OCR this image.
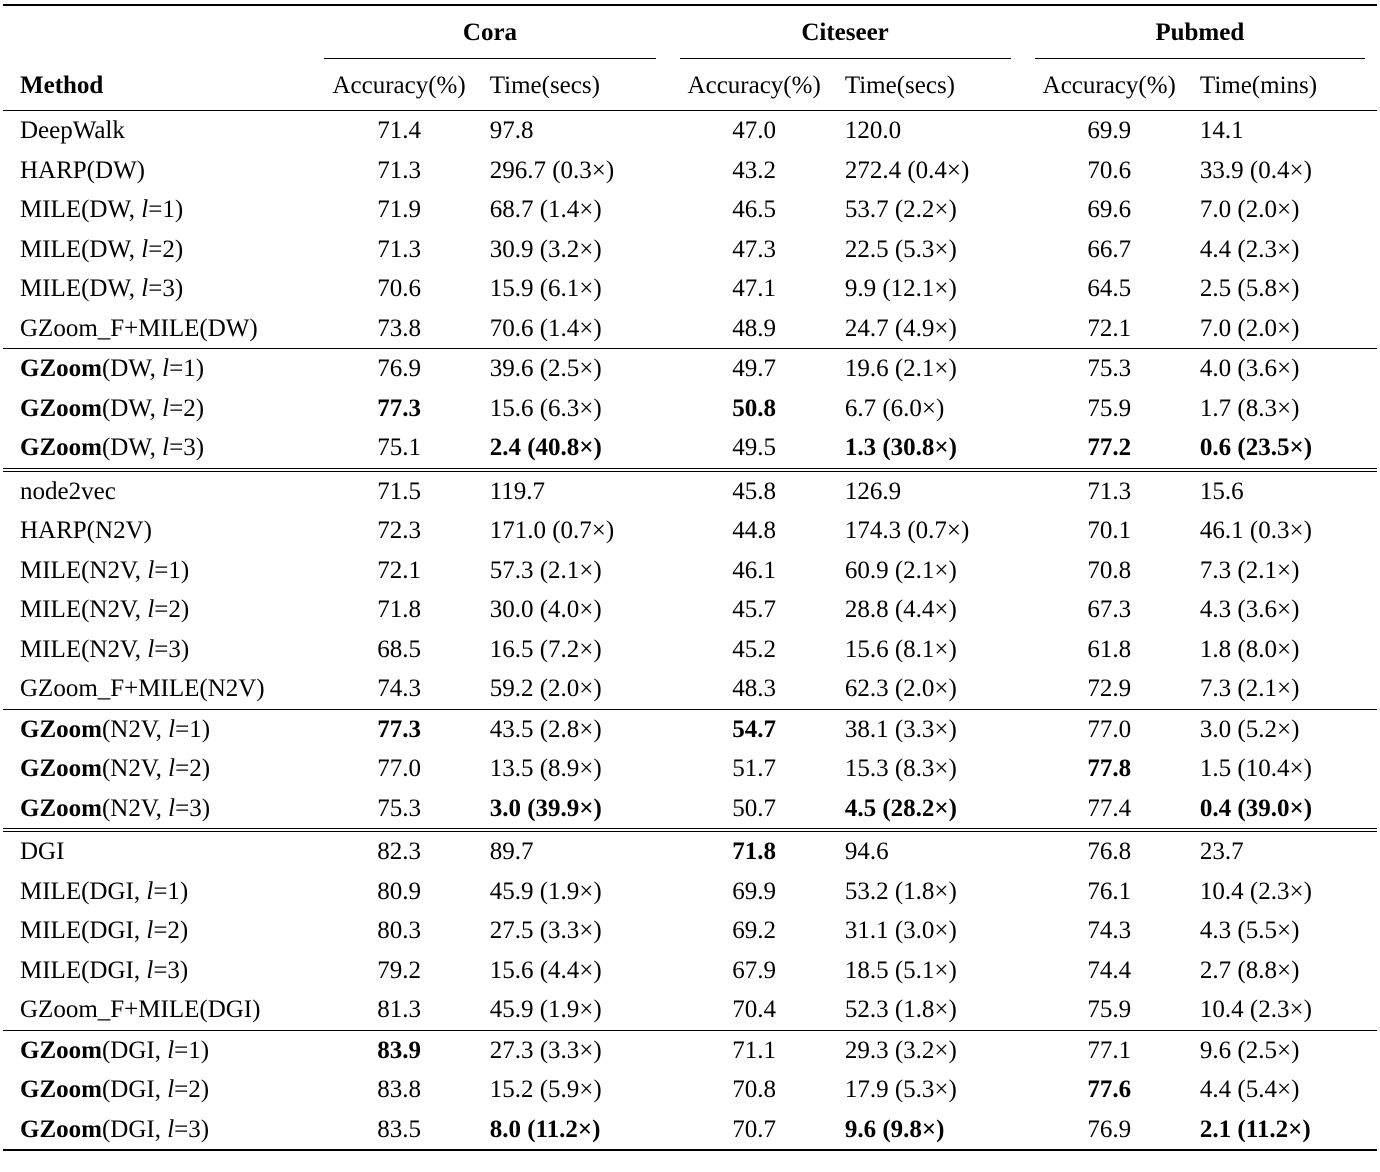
	Cora		Citeseer		Pubmed	

Method	Accuracy(%)	Time(secs)	Accuracy(%)	Time(secs)	Accuracy(%)	Time(mins)
DeepWalk	71.4	97.8	47.0	120.0	69.9	14.1
HARP(DW)	71.3	296.7 (0.3×)	43.2	272.4 (0.4×)	70.6	33.9 (0.4×)
MILE(DW, l=1)	71.9	68.7 (1.4×)	46.5	53.7 (2.2×)	69.6	7.0 (2.0×)
MILE(DW, l=2)	71.3	30.9 (3.2×)	47.3	22.5 (5.3×)	66.7	4.4 (2.3×)
MILE(DW, l=3)	70.6	15.9 (6.1×)	47.1	9.9 (12.1×)	64.5	2.5 (5.8×)
GZoom_F+MILE(DW)	73.8	70.6 (1.4×)	48.9	24.7 (4.9×)	72.1	7.0 (2.0×)
GZoom(DW, l=1)	76.9	39.6 (2.5×)	49.7	19.6 (2.1×)	75.3	4.0 (3.6×)
GZoom(DW, l=2)	77.3	15.6 (6.3×)	50.8	6.7 (6.0×)	75.9	1.7 (8.3×)
GZoom(DW, l=3)	75.1	2.4 (40.8×)	49.5	1.3 (30.8×)	77.2	0.6 (23.5×)
node2vec	71.5	119.7	45.8	126.9	71.3	15.6
HARP(N2V)	72.3	171.0 (0.7×)	44.8	174.3 (0.7×)	70.1	46.1 (0.3×)
MILE(N2V, l=1)	72.1	57.3 (2.1×)	46.1	60.9 (2.1×)	70.8	7.3 (2.1×)
MILE(N2V, l=2)	71.8	30.0 (4.0×)	45.7	28.8 (4.4×)	67.3	4.3 (3.6×)
MILE(N2V, l=3)	68.5	16.5 (7.2×)	45.2	15.6 (8.1×)	61.8	1.8 (8.0×)
GZoom_F+MILE(N2V)	74.3	59.2 (2.0×)	48.3	62.3 (2.0×)	72.9	7.3 (2.1×)
GZoom(N2V, l=1)	77.3	43.5 (2.8×)	54.7	38.1 (3.3×)	77.0	3.0 (5.2×)
GZoom(N2V, l=2)	77.0	13.5 (8.9×)	51.7	15.3 (8.3×)	77.8	1.5 (10.4×)
GZoom(N2V, l=3)	75.3	3.0 (39.9×)	50.7	4.5 (28.2×)	77.4	0.4 (39.0×)
DGI	82.3	89.7	71.8	94.6	76.8	23.7
MILE(DGI, l=1)	80.9	45.9 (1.9×)	69.9	53.2 (1.8×)	76.1	10.4 (2.3×)
MILE(DGI, l=2)	80.3	27.5 (3.3×)	69.2	31.1 (3.0×)	74.3	4.3 (5.5×)
MILE(DGI, l=3)	79.2	15.6 (4.4×)	67.9	18.5 (5.1×)	74.4	2.7 (8.8×)
GZoom_F+MILE(DGI)	81.3	45.9 (1.9×)	70.4	52.3 (1.8×)	75.9	10.4 (2.3×)
GZoom(DGI, l=1)	83.9	27.3 (3.3×)	71.1	29.3 (3.2×)	77.1	9.6 (2.5×)
GZoom(DGI, l=2)	83.8	15.2 (5.9×)	70.8	17.9 (5.3×)	77.6	4.4 (5.4×)
GZoom(DGI, l=3)	83.5	8.0 (11.2×)	70.7	9.6 (9.8×)	76.9	2.1 (11.2×)
